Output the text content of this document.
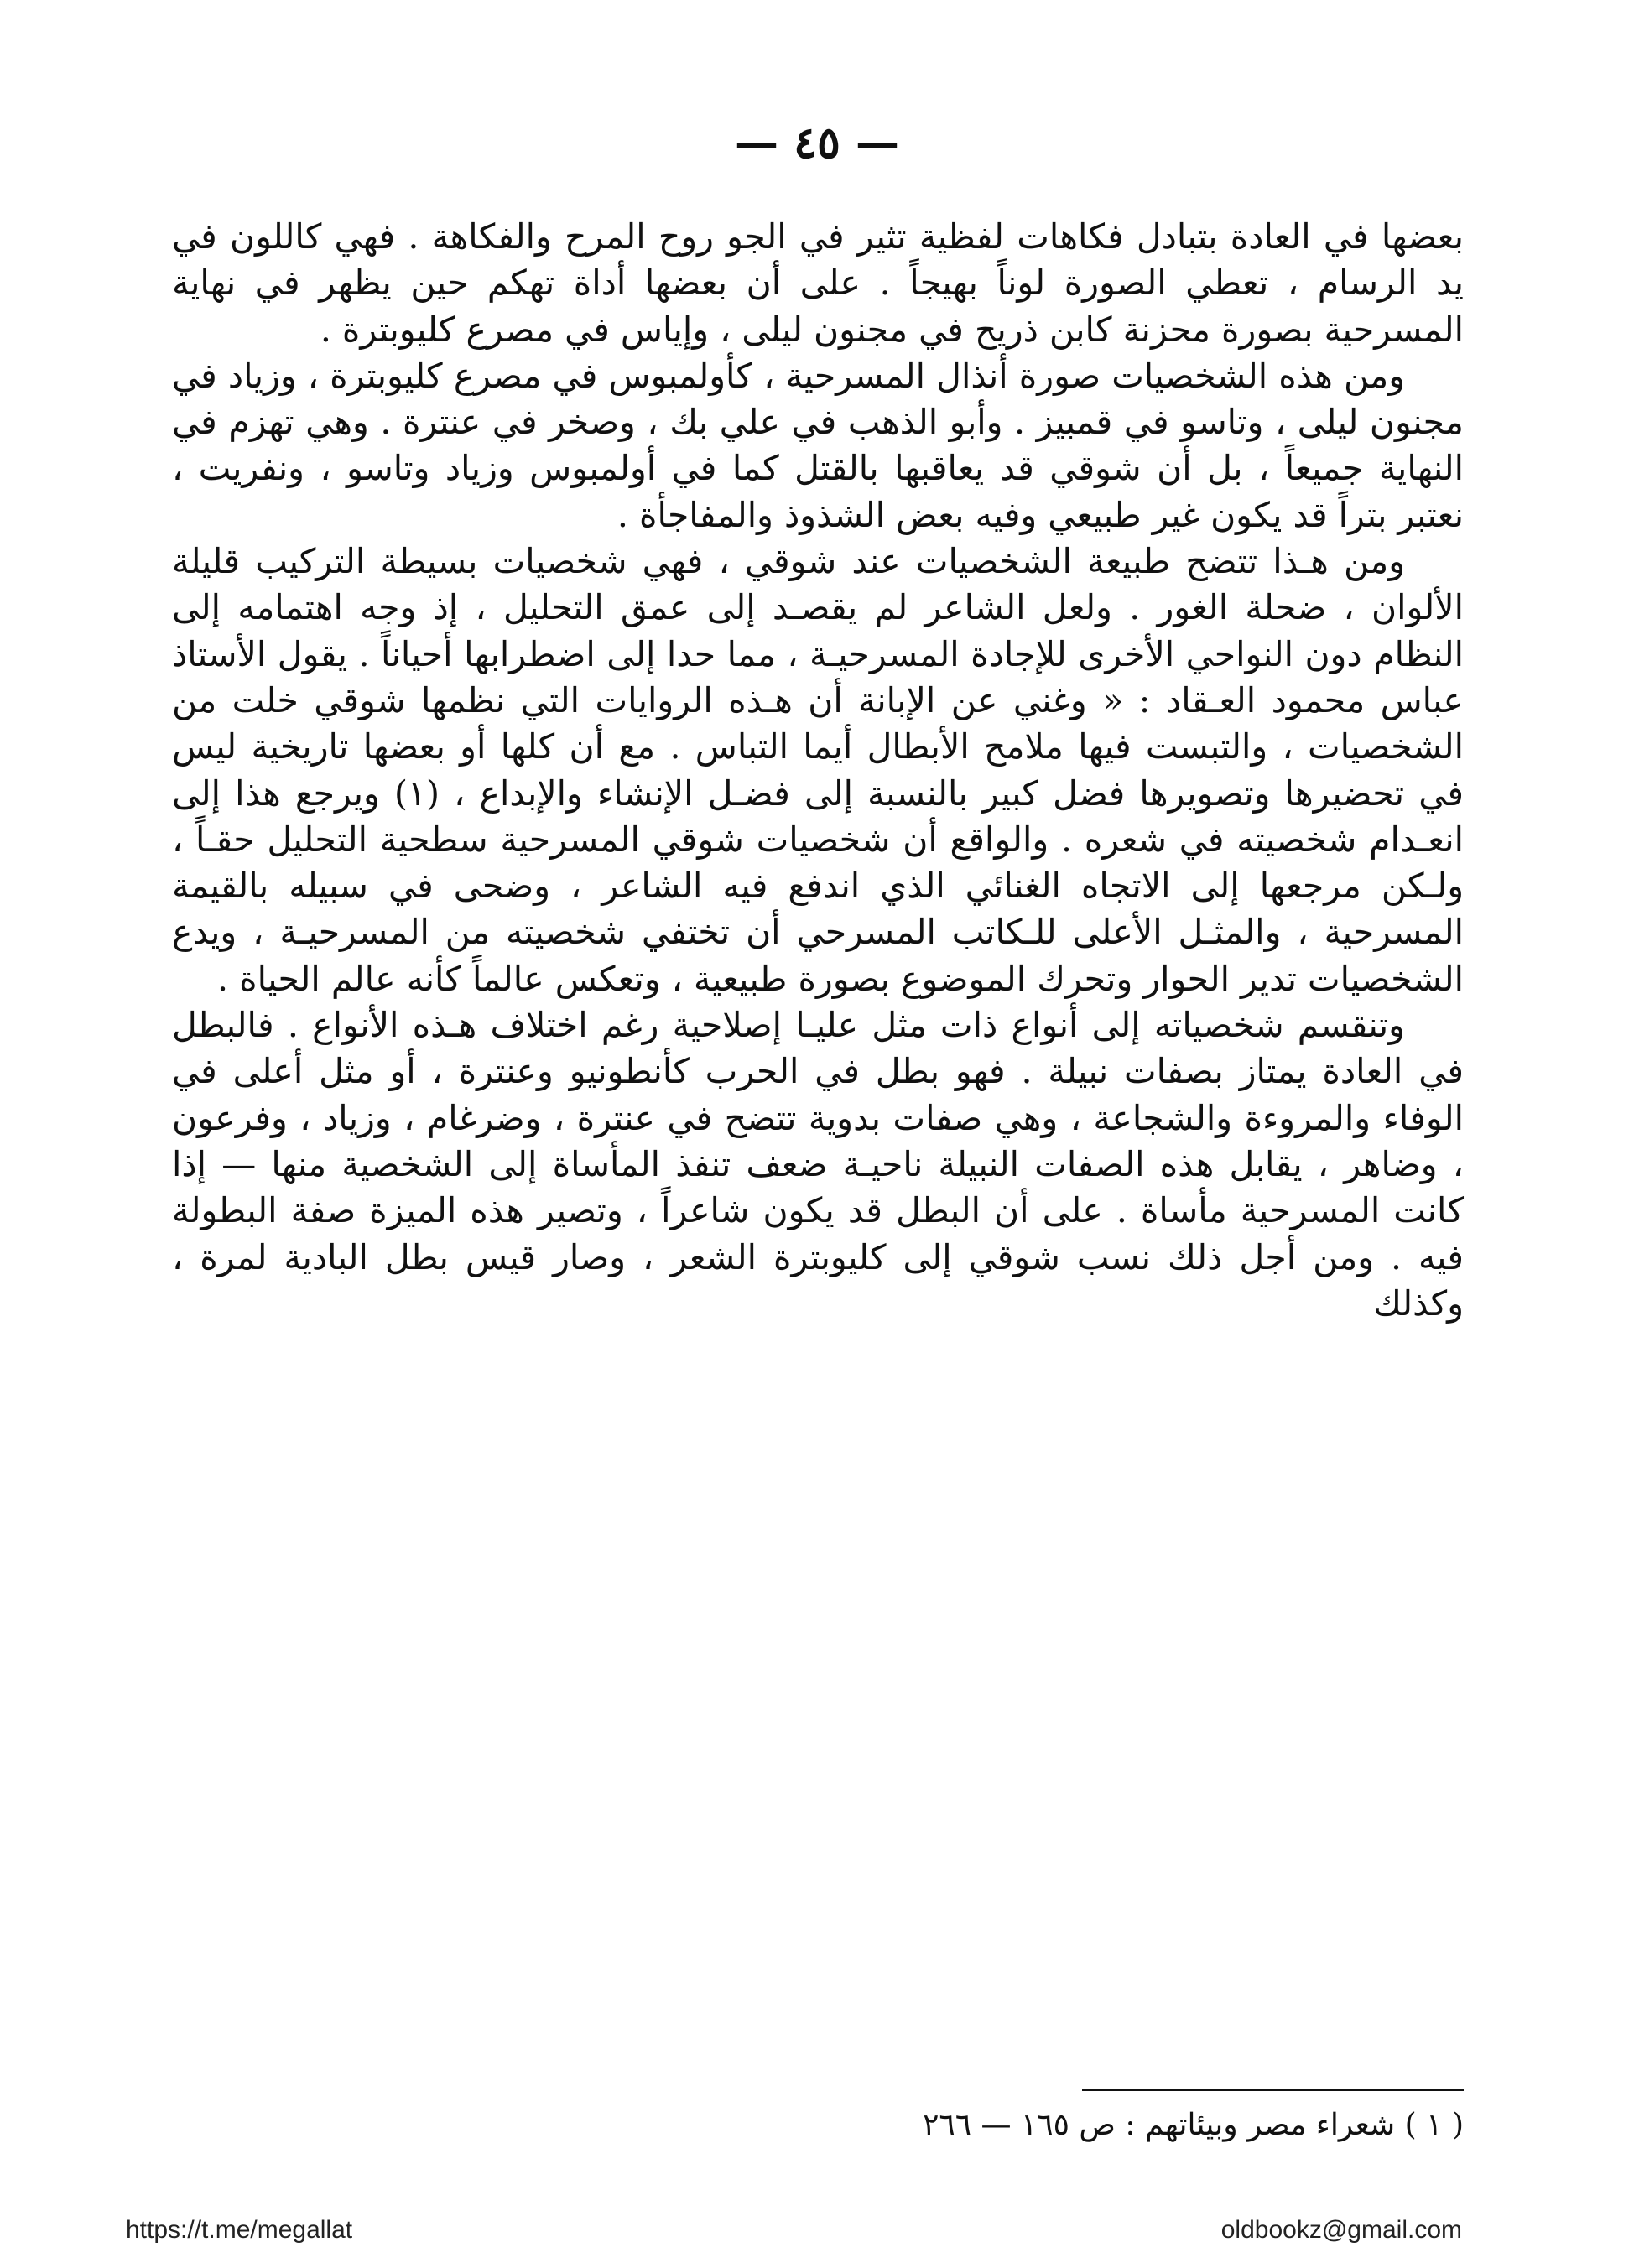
— ٤٥ —

بعضها في العادة بتبادل فكاهات لفظية تثير في الجو روح المرح والفكاهة . فهي كاللون في يد الرسام ، تعطي الصورة لوناً بهيجاً . على أن بعضها أداة تهكم حين يظهر في نهاية المسرحية بصورة محزنة كابن ذريح في مجنون ليلى ، وإياس في مصرع كليوبترة .

ومن هذه الشخصيات صورة أنذال المسرحية ، كأولمبوس في مصرع كليوبترة ، وزياد في مجنون ليلى ، وتاسو في قمبيز . وأبو الذهب في علي بك ، وصخر في عنترة . وهي تهزم في النهاية جميعاً ، بل أن شوقي قد يعاقبها بالقتل كما في أولمبوس وزياد وتاسو ، ونفريت ، نعتبر بتراً قد يكون غير طبيعي وفيه بعض الشذوذ والمفاجأة .

ومن هـذا تتضح طبيعة الشخصيات عند شوقي ، فهي شخصيات بسيطة التركيب قليلة الألوان ، ضحلة الغور . ولعل الشاعر لم يقصـد إلى عمق التحليل ، إذ وجه اهتمامه إلى النظام دون النواحي الأخرى للإجادة المسرحيـة ، مما حدا إلى اضطرابها أحياناً . يقول الأستاذ عباس محمود العـقاد : « وغني عن الإبانة أن هـذه الروايات التي نظمها شوقي خلت من الشخصيات ، والتبست فيها ملامح الأبطال أيما التباس . مع أن كلها أو بعضها تاريخية ليس في تحضيرها وتصويرها فضل كبير بالنسبة إلى فضـل الإنشاء والإبداع ، (١) ويرجع هذا إلى انعـدام شخصيته في شعره . والواقع أن شخصيات شوقي المسرحية سطحية التحليل حقـاً ، ولـكن مرجعها إلى الاتجاه الغنائي الذي اندفع فيه الشاعر ، وضحى في سبيله بالقيمة المسرحية ، والمثـل الأعلى للـكاتب المسرحي أن تختفي شخصيته من المسرحيـة ، ويدع الشخصيات تدير الحوار وتحرك الموضوع بصورة طبيعية ، وتعكس عالماً كأنه عالم الحياة .

وتنقسم شخصياته إلى أنواع ذات مثل عليـا إصلاحية رغم اختلاف هـذه الأنواع . فالبطل في العادة يمتاز بصفات نبيلة . فهو بطل في الحرب كأنطونيو وعنترة ، أو مثل أعلى في الوفاء والمروءة والشجاعة ، وهي صفات بدوية تتضح في عنترة ، وضرغام ، وزياد ، وفرعون ، وضاهر ، يقابل هذه الصفات النبيلة ناحيـة ضعف تنفذ المأساة إلى الشخصية منها — إذا كانت المسرحية مأساة . على أن البطل قد يكون شاعراً ، وتصير هذه الميزة صفة البطولة فيه . ومن أجل ذلك نسب شوقي إلى كليوبترة الشعر ، وصار قيس بطل البادية لمرة ، وكذلك

( ١ ) شعراء مصر وبيئاتهم : ص ١٦٥ — ٢٦٦
https://t.me/megallat	oldbookz@gmail.com
